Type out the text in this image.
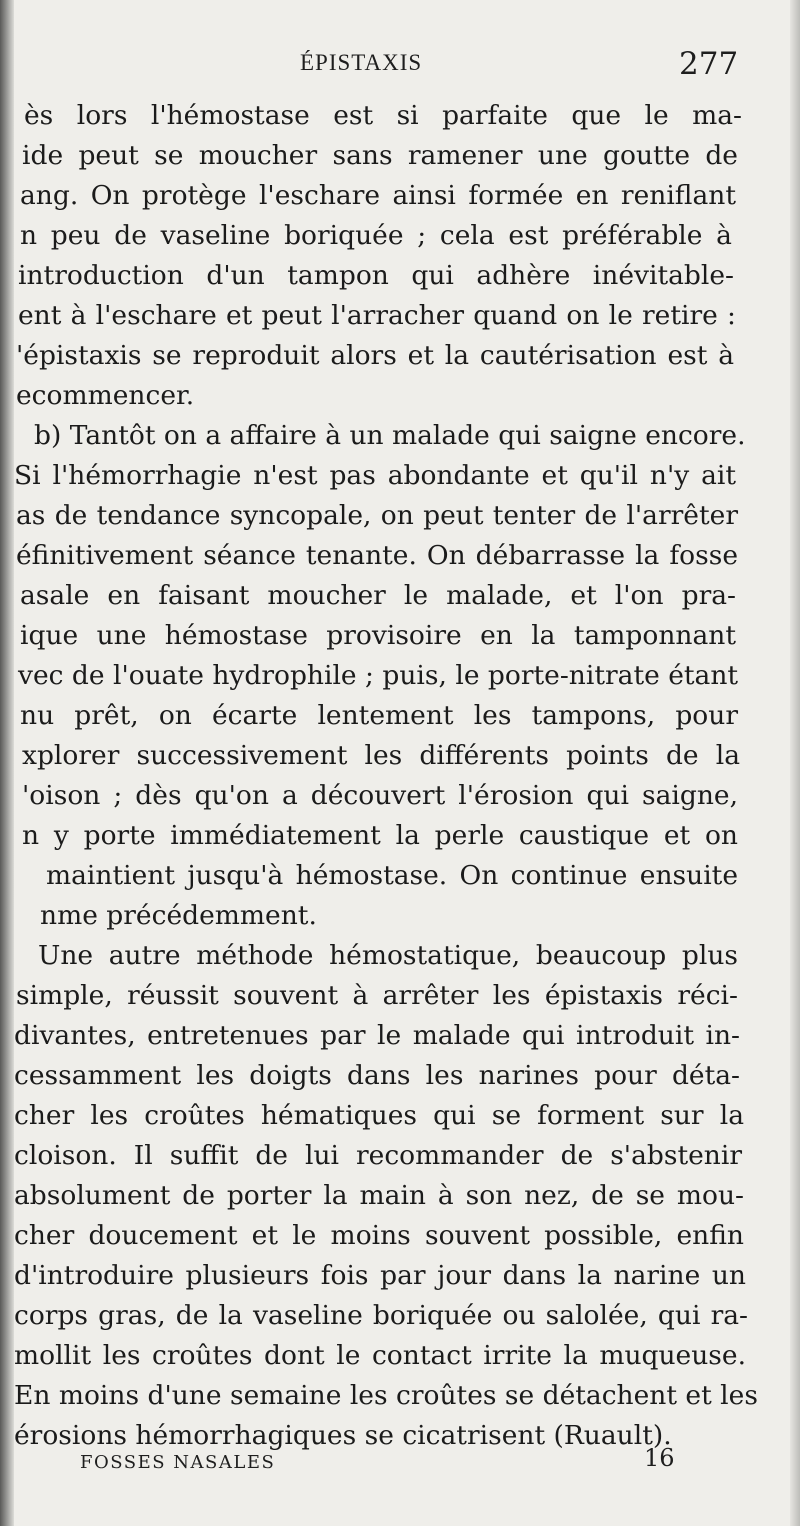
ÉPISTAXIS	277
ès lors l'hémostase est si parfaite que le ma-
ide peut se moucher sans ramener une goutte de
ang. On protège l'eschare ainsi formée en reniflant
n peu de vaseline boriquée ; cela est préférable à
introduction d'un tampon qui adhère inévitable-
ent à l'eschare et peut l'arracher quand on le retire :
'épistaxis se reproduit alors et la cautérisation est à
ecommencer.
b) Tantôt on a affaire à un malade qui saigne encore.
Si l'hémorrhagie n'est pas abondante et qu'il n'y ait
as de tendance syncopale, on peut tenter de l'arrêter
éfinitivement séance tenante. On débarrasse la fosse
asale en faisant moucher le malade, et l'on pra-
ique une hémostase provisoire en la tamponnant
vec de l'ouate hydrophile ; puis, le porte-nitrate étant
nu prêt, on écarte lentement les tampons, pour
xplorer successivement les différents points de la
'oison ; dès qu'on a découvert l'érosion qui saigne,
n y porte immédiatement la perle caustique et on
maintient jusqu'à hémostase. On continue ensuite
nme précédemment.
Une autre méthode hémostatique, beaucoup plus
simple, réussit souvent à arrêter les épistaxis réci-
divantes, entretenues par le malade qui introduit in-
cessamment les doigts dans les narines pour déta-
cher les croûtes hématiques qui se forment sur la
cloison. Il suffit de lui recommander de s'abstenir
absolument de porter la main à son nez, de se mou-
cher doucement et le moins souvent possible, enfin
d'introduire plusieurs fois par jour dans la narine un
corps gras, de la vaseline boriquée ou salolée, qui ra-
mollit les croûtes dont le contact irrite la muqueuse.
En moins d'une semaine les croûtes se détachent et les
érosions hémorrhagiques se cicatrisent (Ruault).
FOSSES NASALES	16
